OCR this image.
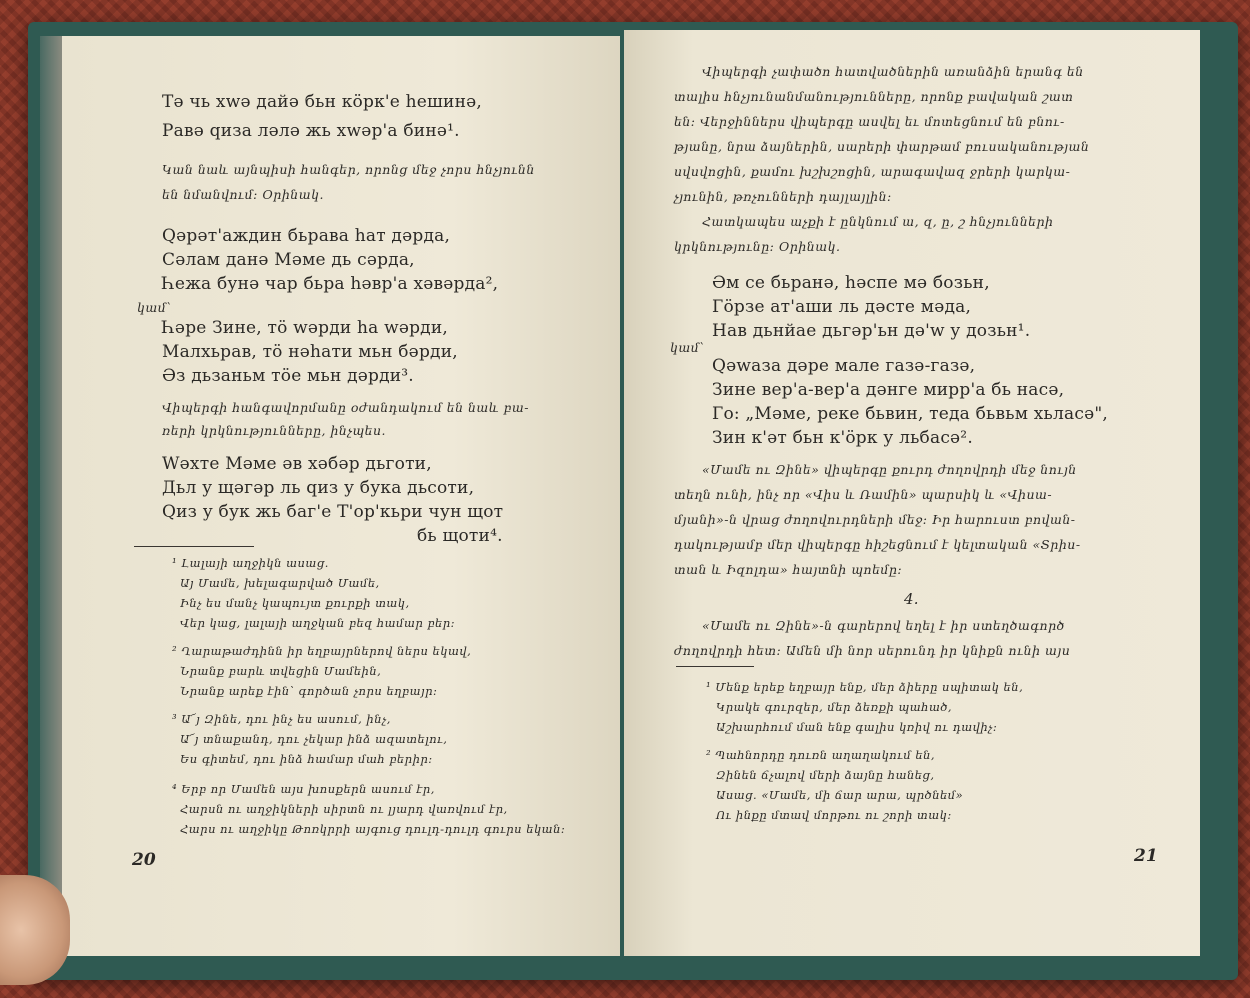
Тә чь хwә дайә бьн кöрк'е һeшинә,
Равә qиза ләлә жь хwәр'а бинә¹.
Կան նաև այնպիսի հանգեր, որոնց մեջ չորս հնչյունն
են նմանվում։ Օրինակ.
Qәрәт'аждин бьрава һат дәрда,
Сәлам данә Мәме дь сәрда,
Һежа бунә чар бьра һәвр'а хәвәрда²,
կամ՝
Һәрe Зинe, тö wәрди һа wәрди,
Малхьрав, тö нәһати мьн бәрди,
Әз дьзаньм тöe мьн дәрди³.
Վիպերգի հանգավորմանը օժանդակում են նաև բա-
ռերի կրկնությունները, ինչպես.
Wәхтe Мәме әв хәбәр дьготи,
Дьл у щәгәр ль qиз у бука дьсоти,
Qиз у бук жь баг'е Т'ор'кьри чун щот
бь щоти⁴.
¹ Լալայի աղջիկն ասաց.
Այ Մամե, խելագարված Մամե,
Ինչ ես մանչ կապույտ քուրքի տակ,
Վեր կաց, լալայի աղջկան բեզ համար բեր։
² Ղարաթաժդինն իր եղբայրներով ներս եկավ,
Նրանք բարև տվեցին Մամեին,
Նրանք արեք էին՝ գործան չորս եղբայր։
³ Ա՜յ Զինե, դու ինչ ես ասում, ինչ,
Ա՜յ տնաքանդ, դու չեկար ինձ ազատելու,
Ես գիտեմ, դու ինձ համար մահ բերիր։
⁴ Երբ որ Մամեն այս խոսքերն ասում էր,
Հարսն ու աղջիկների սիրտն ու լյարդ վառվում էր,
Հարս ու աղջիկը Թոռկրրի այգուց դուլդ-դուլդ գուրս եկան։
20
Վիպերգի չափածո հատվածներին առանձին երանգ են
տալիս հնչյունանմանությունները, որոնք բավական շատ
են։ Վերջիններս վիպերգը ասվել եւ մոտեցնում են բնու-
թյանը, նրա ձայներին, սարերի փարթամ բուսականության
սվսվոցին, քամու խշխշոցին, արագավազ ջրերի կարկա-
չյունին, թռչունների դայլայլին։
Հատկապես աչքի է ընկնում ա, զ, ը, շ հնչյունների
կրկնությունը։ Օրինակ.
Әм сe бьранә, һәспе мә бозьн,
Гöрзe ат'аши ль дәсте мәда,
Нав дьнйае дьгәр'ьн дә'w у дозьн¹.
կամ՝
Qәwаза дәрe малe газә-газә,
Зинe вер'а-вер'а дәнге мирр'а бь насә,
Го: „Мәме, рекe бьвин, теда бьвьм хьласә",
Зин к'әт бьн к'öрк у льбасә².
«Մամե ու Զինե» վիպերգը քուրդ ժողովրդի մեջ նույն
տեղն ունի, ինչ որ «Վիս և Ռամին» պարսիկ և «Վիսա-
մյանի»-ն վրաց ժողովուրդների մեջ։ Իր հարուստ բովան-
դակությամբ մեր վիպերգը հիշեցնում է կելտական «Տրիս-
տան և Իզոլդա» հայտնի պոեմը։
4.
«Մամե ու Զինե»-ն գարերով եղել է իր ստեղծագործ
ժողովրդի հետ։ Ամեն մի նոր սերունդ իր կնիքն ունի այս
¹ Մենք երեք եղբայր ենք, մեր ձիերը սպիտակ են,
Կրակե գուրզեր, մեր ձեռքի պահած,
Աշխարհում ման ենք գալիս կռիվ ու դավիչ։
² Պահնորդը դուռն աղաղակում են,
Զինեն ճչալով մերի ձայնը հանեց,
Ասաց. «Մամե, մի ճար արա, պրծնեմ»
Ու ինքը մտավ մորթու ու շորի տակ։
21
